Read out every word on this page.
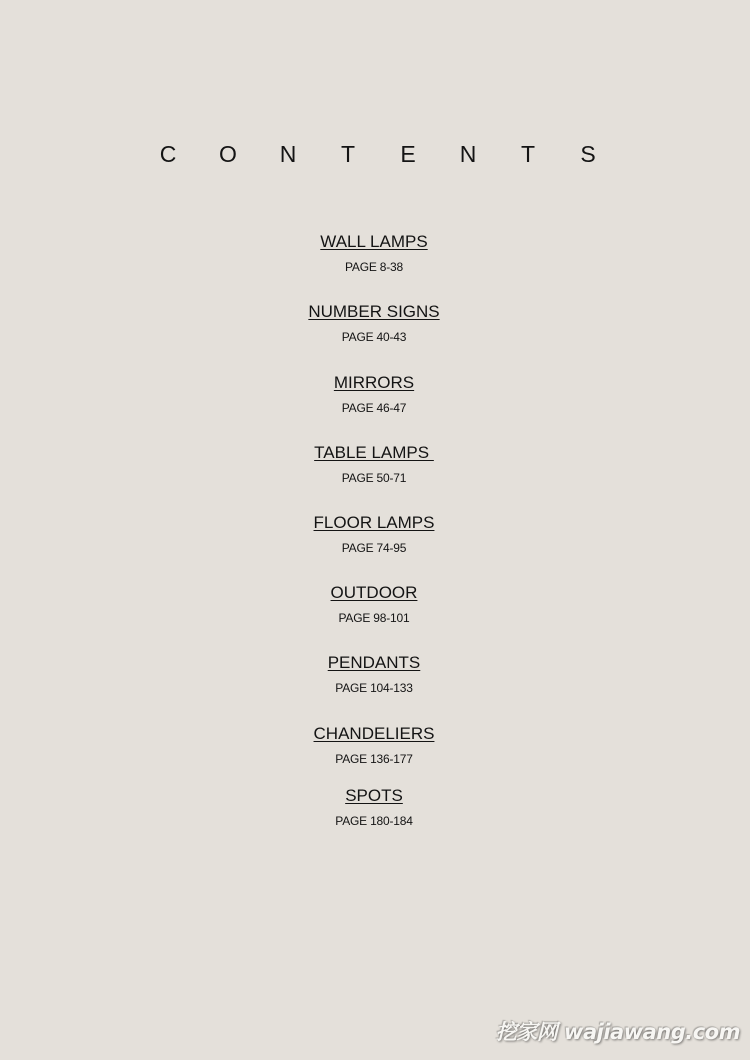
C O N T E N T S
WALL LAMPS
PAGE 8-38
NUMBER SIGNS
PAGE 40-43
MIRRORS
PAGE 46-47
TABLE LAMPS
PAGE 50-71
FLOOR LAMPS
PAGE 74-95
OUTDOOR
PAGE 98-101
PENDANTS
PAGE 104-133
CHANDELIERS
PAGE 136-177
SPOTS
PAGE 180-184
挖家网 wajiawang.com
